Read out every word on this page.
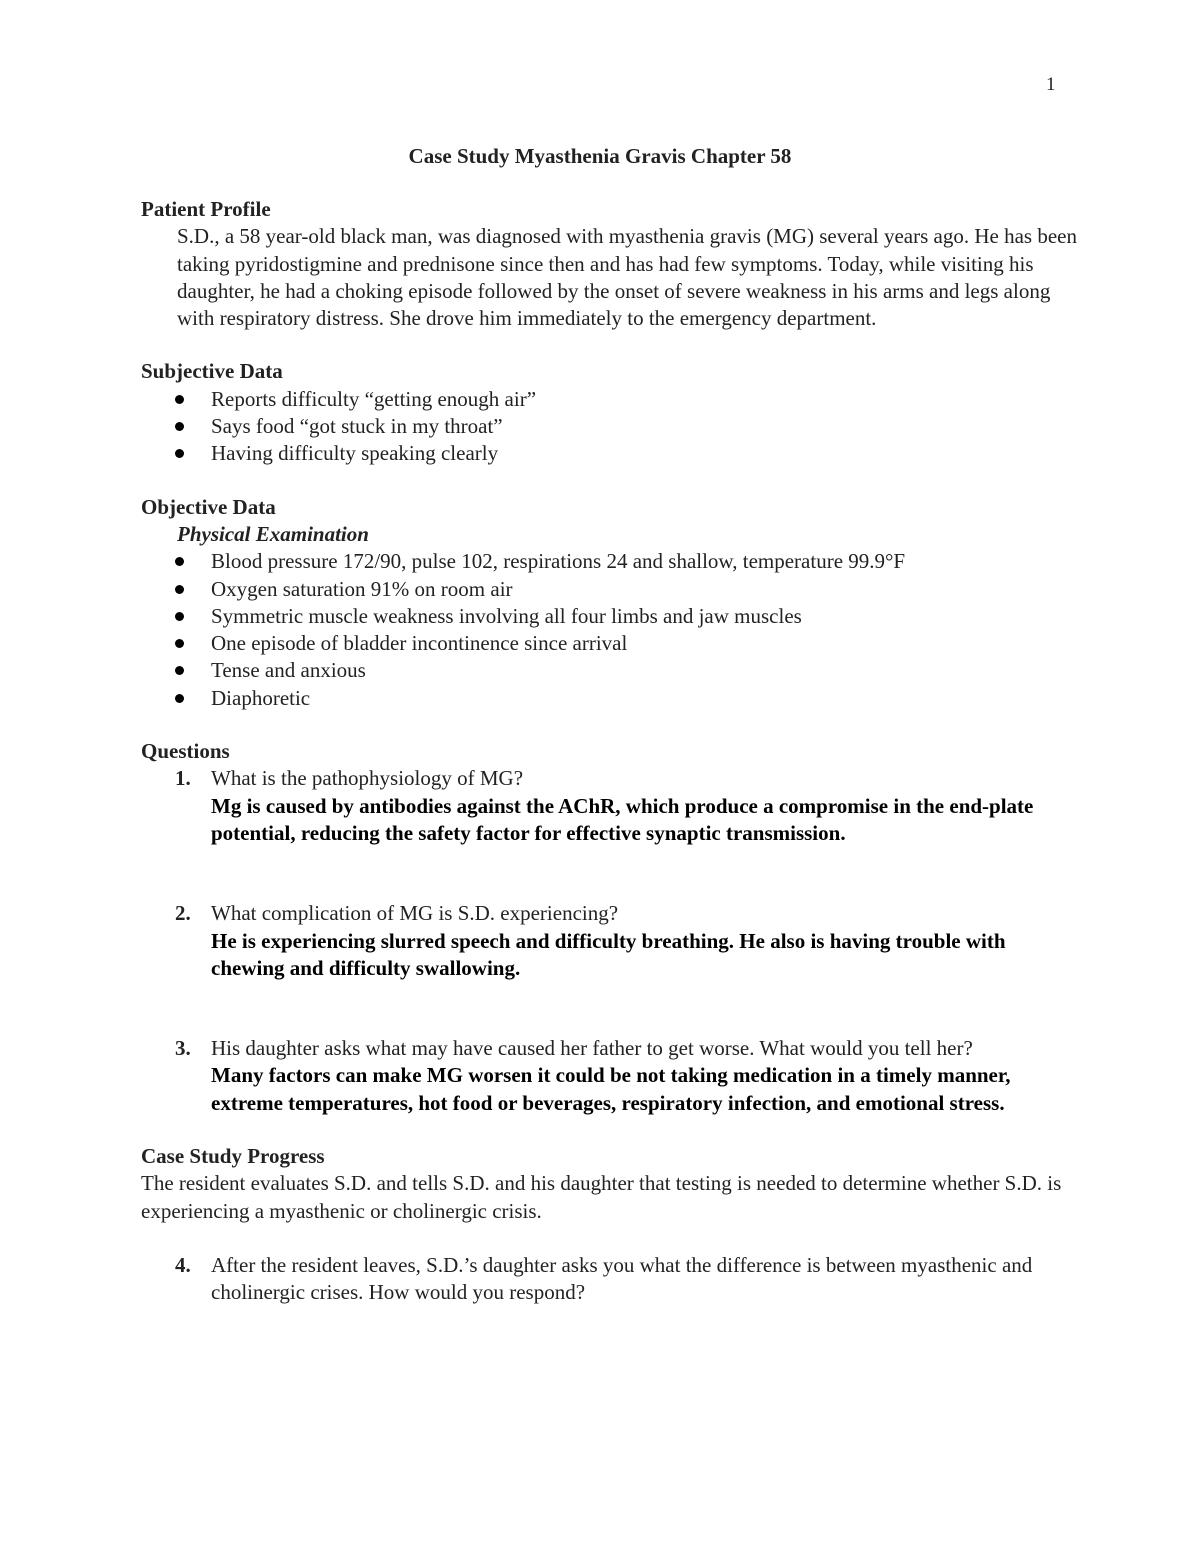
1
Case Study Myasthenia Gravis Chapter 58
Patient Profile
S.D., a 58 year-old black man, was diagnosed with myasthenia gravis (MG) several years ago. He has been taking pyridostigmine and prednisone since then and has had few symptoms. Today, while visiting his daughter, he had a choking episode followed by the onset of severe weakness in his arms and legs along with respiratory distress. She drove him immediately to the emergency department.
Subjective Data
Reports difficulty “getting enough air”
Says food “got stuck in my throat”
Having difficulty speaking clearly
Objective Data
Physical Examination
Blood pressure 172/90, pulse 102, respirations 24 and shallow, temperature 99.9°F
Oxygen saturation 91% on room air
Symmetric muscle weakness involving all four limbs and jaw muscles
One episode of bladder incontinence since arrival
Tense and anxious
Diaphoretic
Questions
1. What is the pathophysiology of MG?
Mg is caused by antibodies against the AChR, which produce a compromise in the end-plate potential, reducing the safety factor for effective synaptic transmission.
2. What complication of MG is S.D. experiencing?
He is experiencing slurred speech and difficulty breathing. He also is having trouble with chewing and difficulty swallowing.
3. His daughter asks what may have caused her father to get worse. What would you tell her?
Many factors can make MG worsen it could be not taking medication in a timely manner, extreme temperatures, hot food or beverages, respiratory infection, and emotional stress.
Case Study Progress
The resident evaluates S.D. and tells S.D. and his daughter that testing is needed to determine whether S.D. is experiencing a myasthenic or cholinergic crisis.
4. After the resident leaves, S.D.’s daughter asks you what the difference is between myasthenic and cholinergic crises. How would you respond?
